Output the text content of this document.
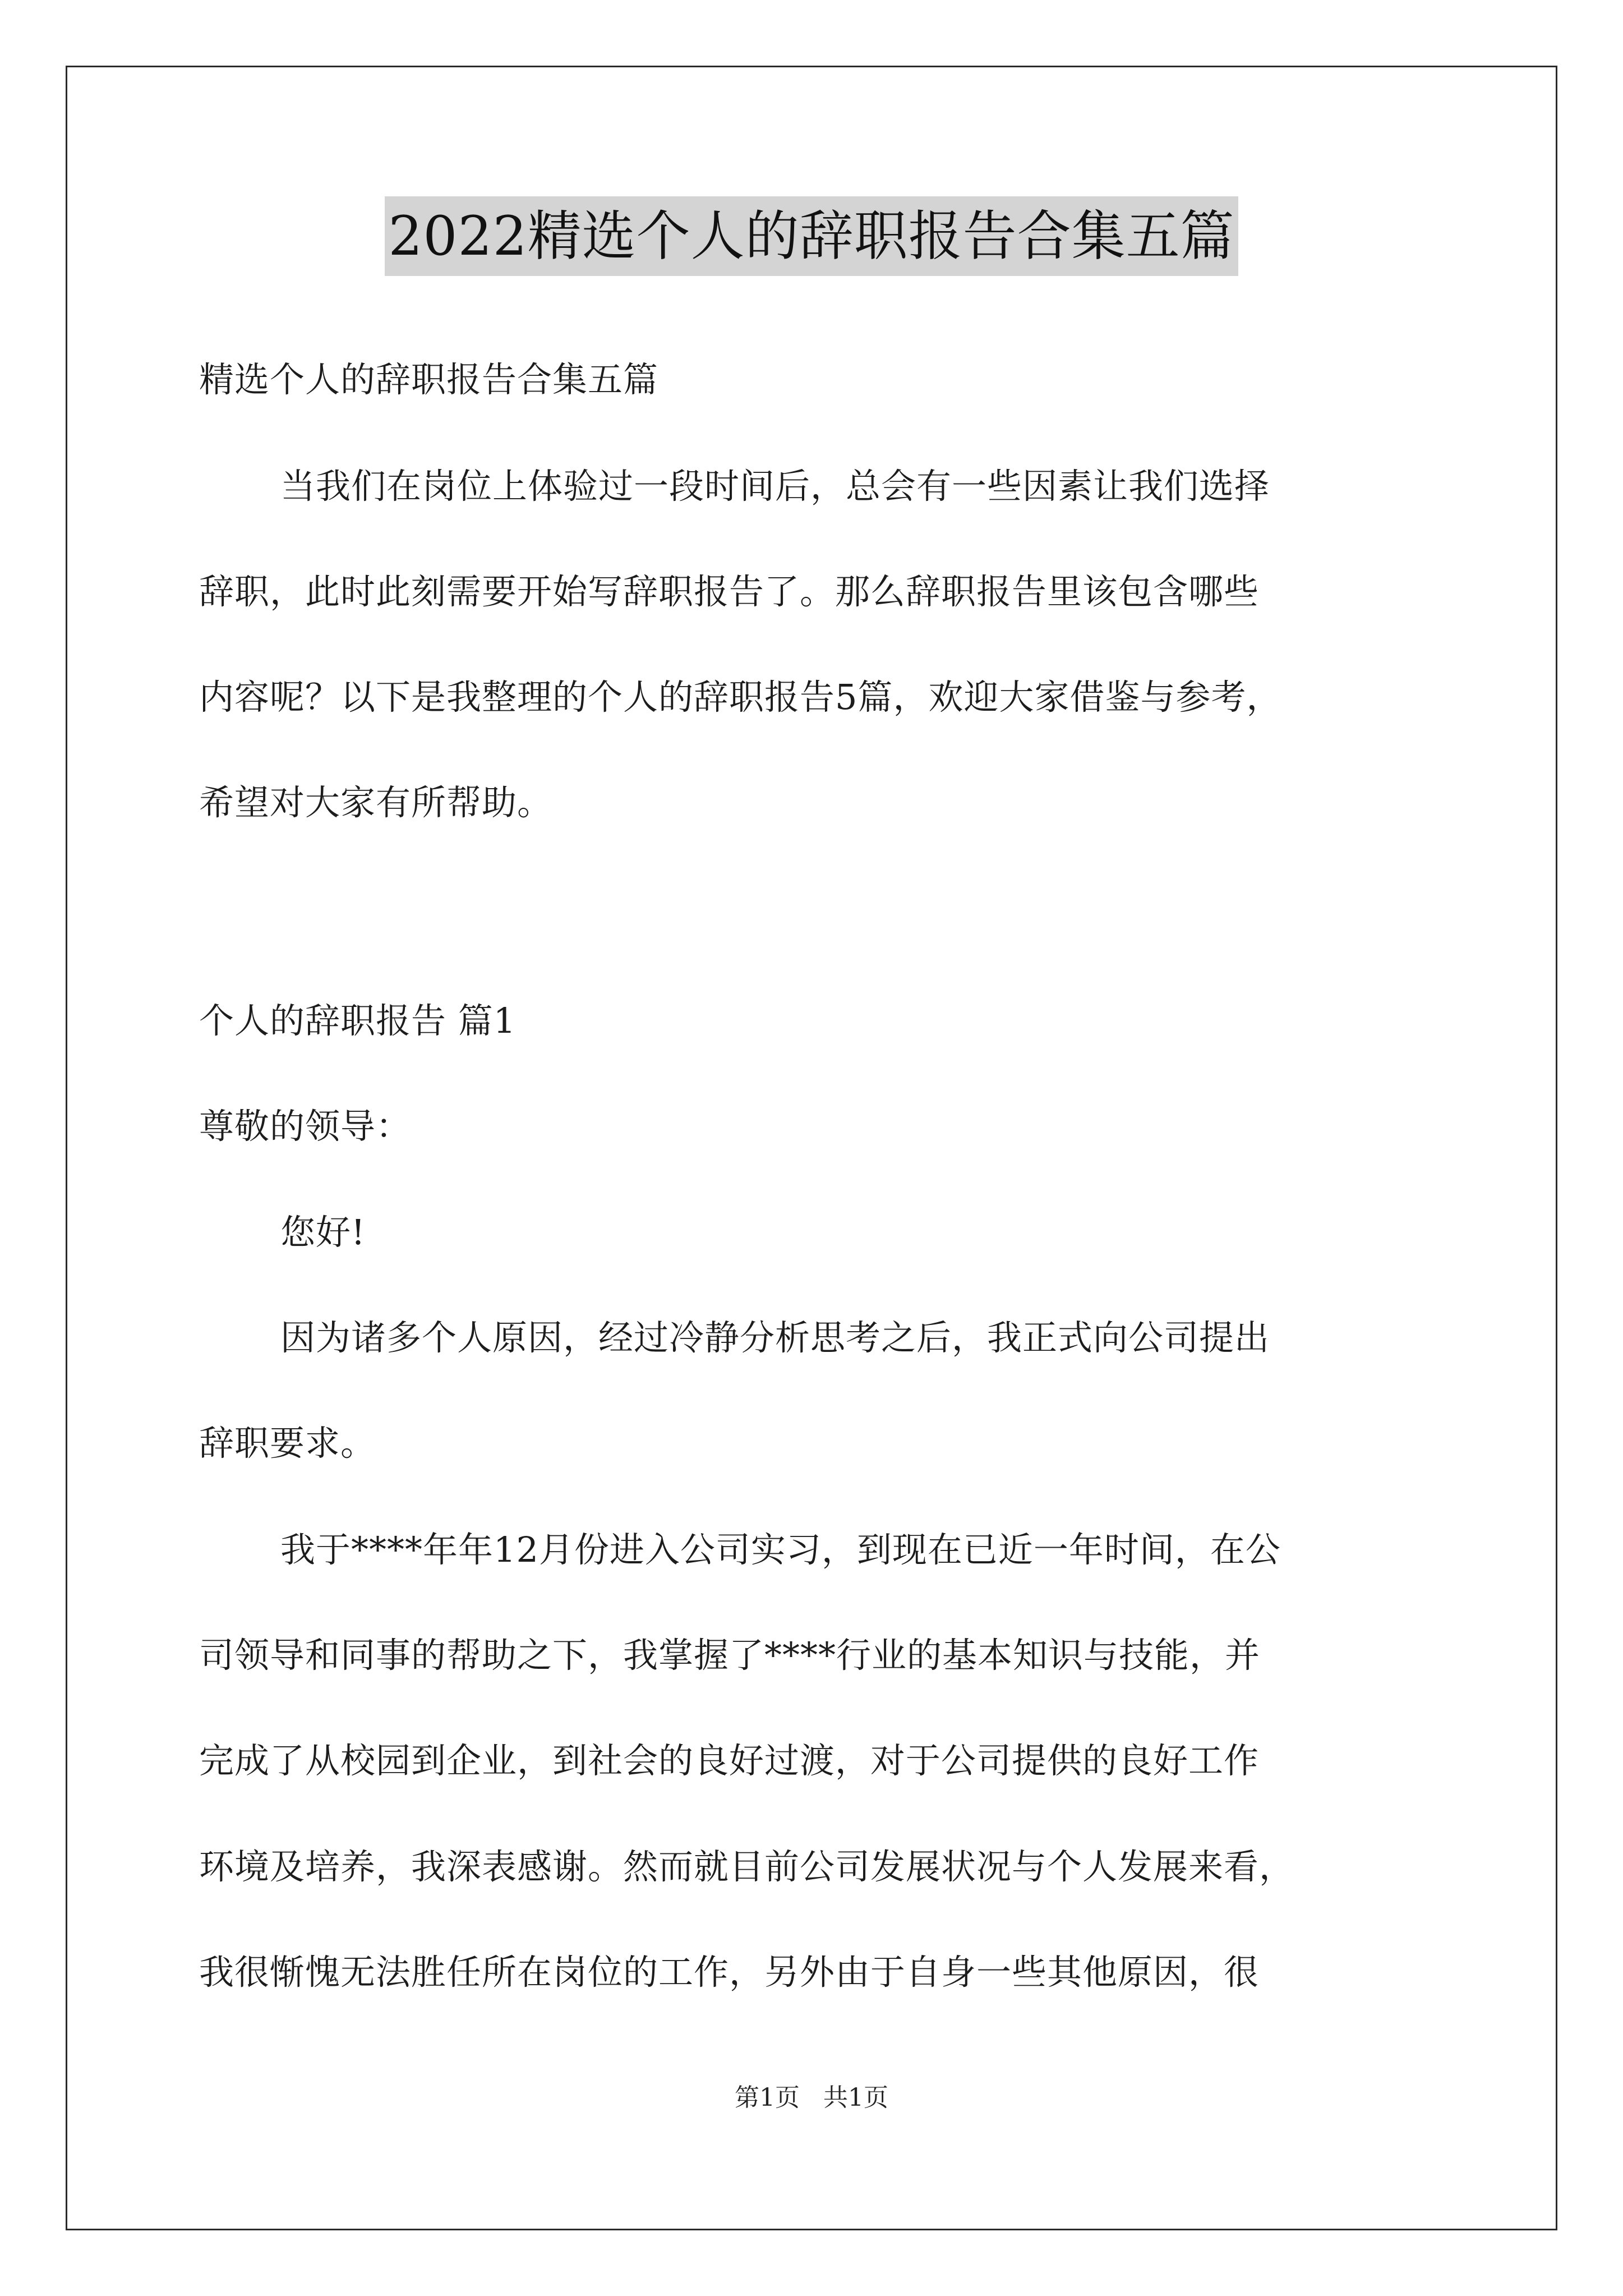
2022精选个人的辞职报告合集五篇
精选个人的辞职报告合集五篇
当我们在岗位上体验过一段时间后，总会有一些因素让我们选择
辞职，此时此刻需要开始写辞职报告了。那么辞职报告里该包含哪些
内容呢？以下是我整理的个人的辞职报告5篇，欢迎大家借鉴与参考，
希望对大家有所帮助。
个人的辞职报告 篇1
尊敬的领导：
您好!
因为诸多个人原因，经过冷静分析思考之后，我正式向公司提出
辞职要求。
我于****年年12月份进入公司实习，到现在已近一年时间，在公
司领导和同事的帮助之下，我掌握了****行业的基本知识与技能，并
完成了从校园到企业，到社会的良好过渡，对于公司提供的良好工作
环境及培养，我深表感谢。然而就目前公司发展状况与个人发展来看，
我很惭愧无法胜任所在岗位的工作，另外由于自身一些其他原因，很
第1页   共1页
